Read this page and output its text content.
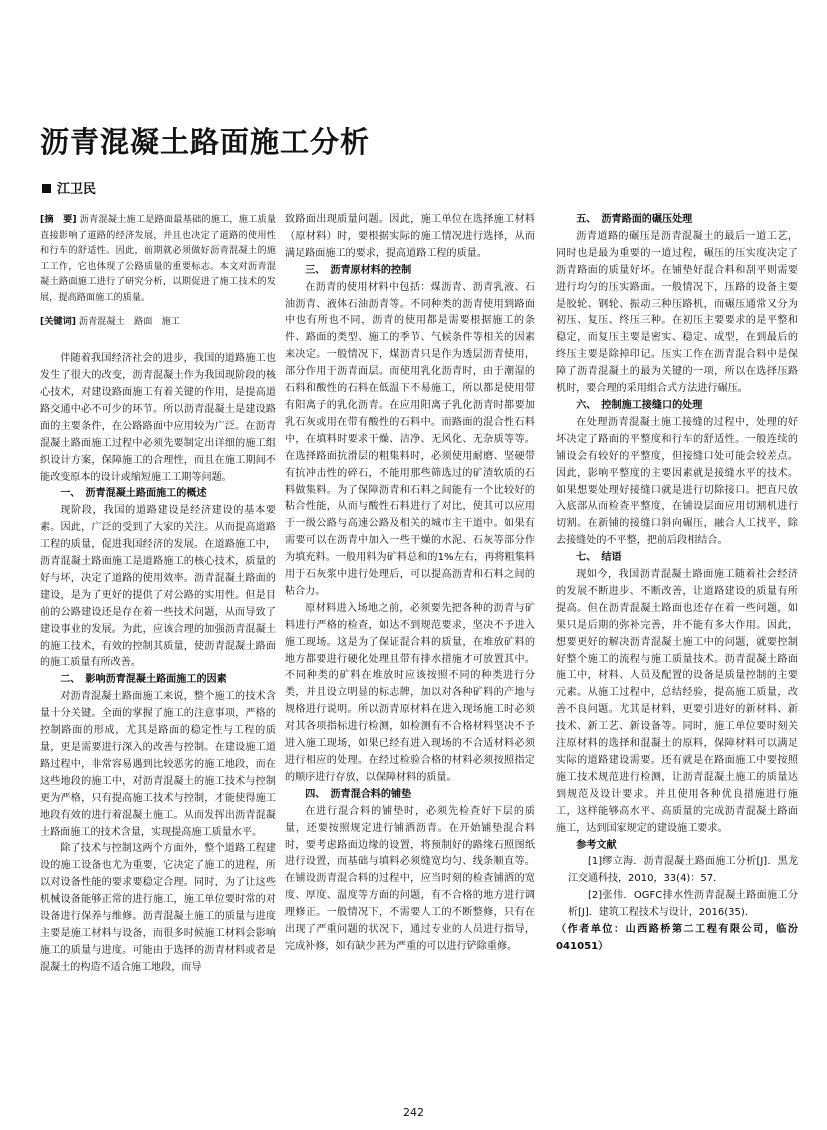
沥青混凝土路面施工分析
江卫民

[摘　要] 沥青混凝土施工是路面最基础的施工，施工质量直接影响了道路的经济发展，并且也决定了道路的使用性和行车的舒适性。因此，前期就必须做好沥青混凝土的施工工作，它也体现了公路质量的重要标志。本文对沥青混凝土路面施工进行了研究分析，以期促进了施工技术的发展，提高路面施工的质量。

[关键词] 沥青混凝土　路面　施工

伴随着我国经济社会的进步，我国的道路施工也发生了很大的改变，沥青混凝土作为我国现阶段的核心技术，对建设路面施工有着关键的作用，是提高道路交通中必不可少的环节。所以沥青混凝土是建设路面的主要条件，在公路路面中应用较为广泛。在沥青混凝土路面施工过程中必须先要制定出详细的施工组织设计方案，保障施工的合理性，而且在施工期间不能改变原本的设计或缩短施工工期等问题。

一、　沥青混凝土路面施工的概述

现阶段，我国的道路建设是经济建设的基本要素。因此，广泛的受到了大家的关注。从而提高道路工程的质量，促进我国经济的发展。在道路施工中，沥青混凝土路面施工是道路施工的核心技术，质量的好与坏，决定了道路的使用效率。沥青混凝土路面的建设，是为了更好的提供了对公路的实用性。但是目前的公路建设还是存在着一些技术问题，从而导致了建设事业的发展。为此，应该合理的加强沥青混凝土的施工技术，有效的控制其质量，使沥青混凝土路面的施工质量有所改善。

二、　影响沥青混凝土路面施工的因素

对沥青混凝土路面施工来说，整个施工的技术含量十分关键。全面的掌握了施工的注意事项，严格的控制路面的形成，尤其是路面的稳定性与工程的质量，更是需要进行深入的改善与控制。在建设施工道路过程中，非常容易遇到比较恶劣的施工地段，而在这些地段的施工中，对沥青混凝土的施工技术与控制更为严格，只有提高施工技术与控制，才能使得施工地段有效的进行着混凝土施工。从而发挥出沥青混凝土路面施工的技术含量，实现提高施工质量水平。

除了技术与控制这两个方面外，整个道路工程建设的施工设备也尤为重要，它决定了施工的进程，所以对设备性能的要求要稳定合理。同时，为了让这些机械设备能够正常的进行施工，施工单位要时常的对设备进行保养与维修。沥青混凝土施工的质量与进度主要是施工材料与设备，而很多时候施工材料会影响施工的质量与进度。可能由于选择的沥青材料或者是混凝土的构造不适合施工地段，而导

致路面出现质量问题。因此，施工单位在选择施工材料（原材料）时，要根据实际的施工情况进行选择，从而满足路面施工的要求，提高道路工程的质量。

三、　沥青原材料的控制

在沥青的使用材料中包括：煤沥青、沥青乳液、石油沥青、液体石油沥青等。不同种类的沥青使用到路面中也有所也不同，沥青的使用都是需要根据施工的条件、路面的类型、施工的季节、气候条件等相关的因素来决定。一般情况下，煤沥青只是作为透层沥青使用，部分作用于沥青面层。而使用乳化沥青时，由于潮湿的石料和酸性的石料在低温下不易施工，所以都是使用带有阳离子的乳化沥青。在应用阳离子乳化沥青时都要加乳石灰或用在带有酸性的石料中。而路面的混合性石料中，在填料时要求干燥、洁净、无风化、无杂质等等。在选择路面抗滑层的粗集料时，必须使用耐磨、坚硬带有抗冲击性的碎石，不能用那些筛选过的矿渣软质的石料做集料。为了保障沥青和石料之间能有一个比较好的粘合性能，从而与酸性石料进行了对比，使其可以应用于一级公路与高速公路及相关的城市主干道中。如果有需要可以在沥青中加入一些干燥的水泥、石灰等部分作为填充料。一般用料为矿料总和的1%左右，再将粗集料用于石灰浆中进行处理后，可以提高沥青和石料之间的粘合力。

原材料进入场地之前，必须要先把各种的沥青与矿料进行严格的检查，如达不到规范要求，坚决不予进入施工现场。这是为了保证混合料的质量，在堆放矿料的地方都要进行硬化处理且带有排水措施才可放置其中。不同种类的矿料在堆放时应该按照不同的种类进行分类，并且设立明显的标志牌，加以对各种矿料的产地与规格进行说明。所以沥青原材料在进入现场施工时必须对其各项指标进行检测，如检测有不合格材料坚决不予进入施工现场，如果已经有进入现场的不合适材料必须进行相应的处理。在经过检验合格的材料必须按照指定的顺序进行存放，以保障材料的质量。

四、　沥青混合料的铺垫

在进行混合料的铺垫时，必须先检查好下层的质量，还要按照规定进行铺洒沥青。在开始铺垫混合料时，要考虑路面边缘的设置，将预制好的路缘石照图纸进行设置，而基础与填料必须缝宽均匀、线条顺直等。在铺设沥青混合料的过程中，应当时刻的检查铺洒的宽度、厚度、温度等方面的问题，有不合格的地方进行调理修正。一般情况下，不需要人工的不断整修，只有在出现了严重问题的状况下，通过专业的人员进行指导，完成补修，如有缺少甚为严重的可以进行铲除重修。

五、　沥青路面的碾压处理

沥青道路的碾压是沥青混凝土的最后一道工艺，同时也是最为重要的一道过程，碾压的压实度决定了沥青路面的质量好坏。在铺垫好混合料和刮平则需要进行均匀的压实路面。一般情况下，压路的设备主要是胶轮、钢轮、振动三种压路机，而碾压通常又分为初压、复压、终压三种。在初压主要要求的是平整和稳定，而复压主要是密实、稳定、成型，在到最后的终压主要是除掉印记。压实工作在沥青混合料中是保障了沥青混凝土的最为关键的一项，所以在选择压路机时，要合理的采用组合式方法进行碾压。

六、　控制施工接缝口的处理

在处理沥青混凝土施工接缝的过程中，处理的好坏决定了路面的平整度和行车的舒适性。一般连续的铺设会有较好的平整度，但接缝口处可能会较差点。因此，影响平整度的主要因素就是接缝水平的技术。如果想要处理好接缝口就是进行切除接口。把直尺放入底部从而检查平整度，在铺设层面应用切割机进行切割。在新铺的接缝口斜向碾压，融合人工找平，除去接缝处的不平整，把前后段相结合。

七、　结语

现如今，我国沥青混凝土路面施工随着社会经济的发展不断进步、不断改善，让道路建设的质量有所提高。但在沥青混凝土路面也还存在着一些问题，如果只是后期的弥补完善，并不能有多大作用。因此，想要更好的解决沥青混凝土施工中的问题，就要控制好整个施工的流程与施工质量技术。沥青混凝土路面施工中，材料、人员及配置的设备是质量控制的主要元素。从施工过程中，总结经验，提高施工质量，改善不良问题。尤其是材料，更要引进好的新材料、新技术、新工艺、新设备等。同时，施工单位要时刻关注原材料的选择和混凝土的原料，保障材料可以满足实际的道路建设需要。还有就是在路面施工中要按照施工技术规范进行检测，让沥青混凝土施工的质量达到规范及设计要求。并且使用各种优良措施进行施工，这样能够高水平、高质量的完成沥青混凝土路面施工，达到国家规定的建设施工要求。

参考文献

[1]缪立海．沥青混凝土路面施工分析[J]．黑龙江交通科技，2010，33(4)：57．

[2]张伟．OGFC排水性沥青混凝土路面施工分析[J]．建筑工程技术与设计，2016(35)．

（作者单位：山西路桥第二工程有限公司，临汾041051）

242
